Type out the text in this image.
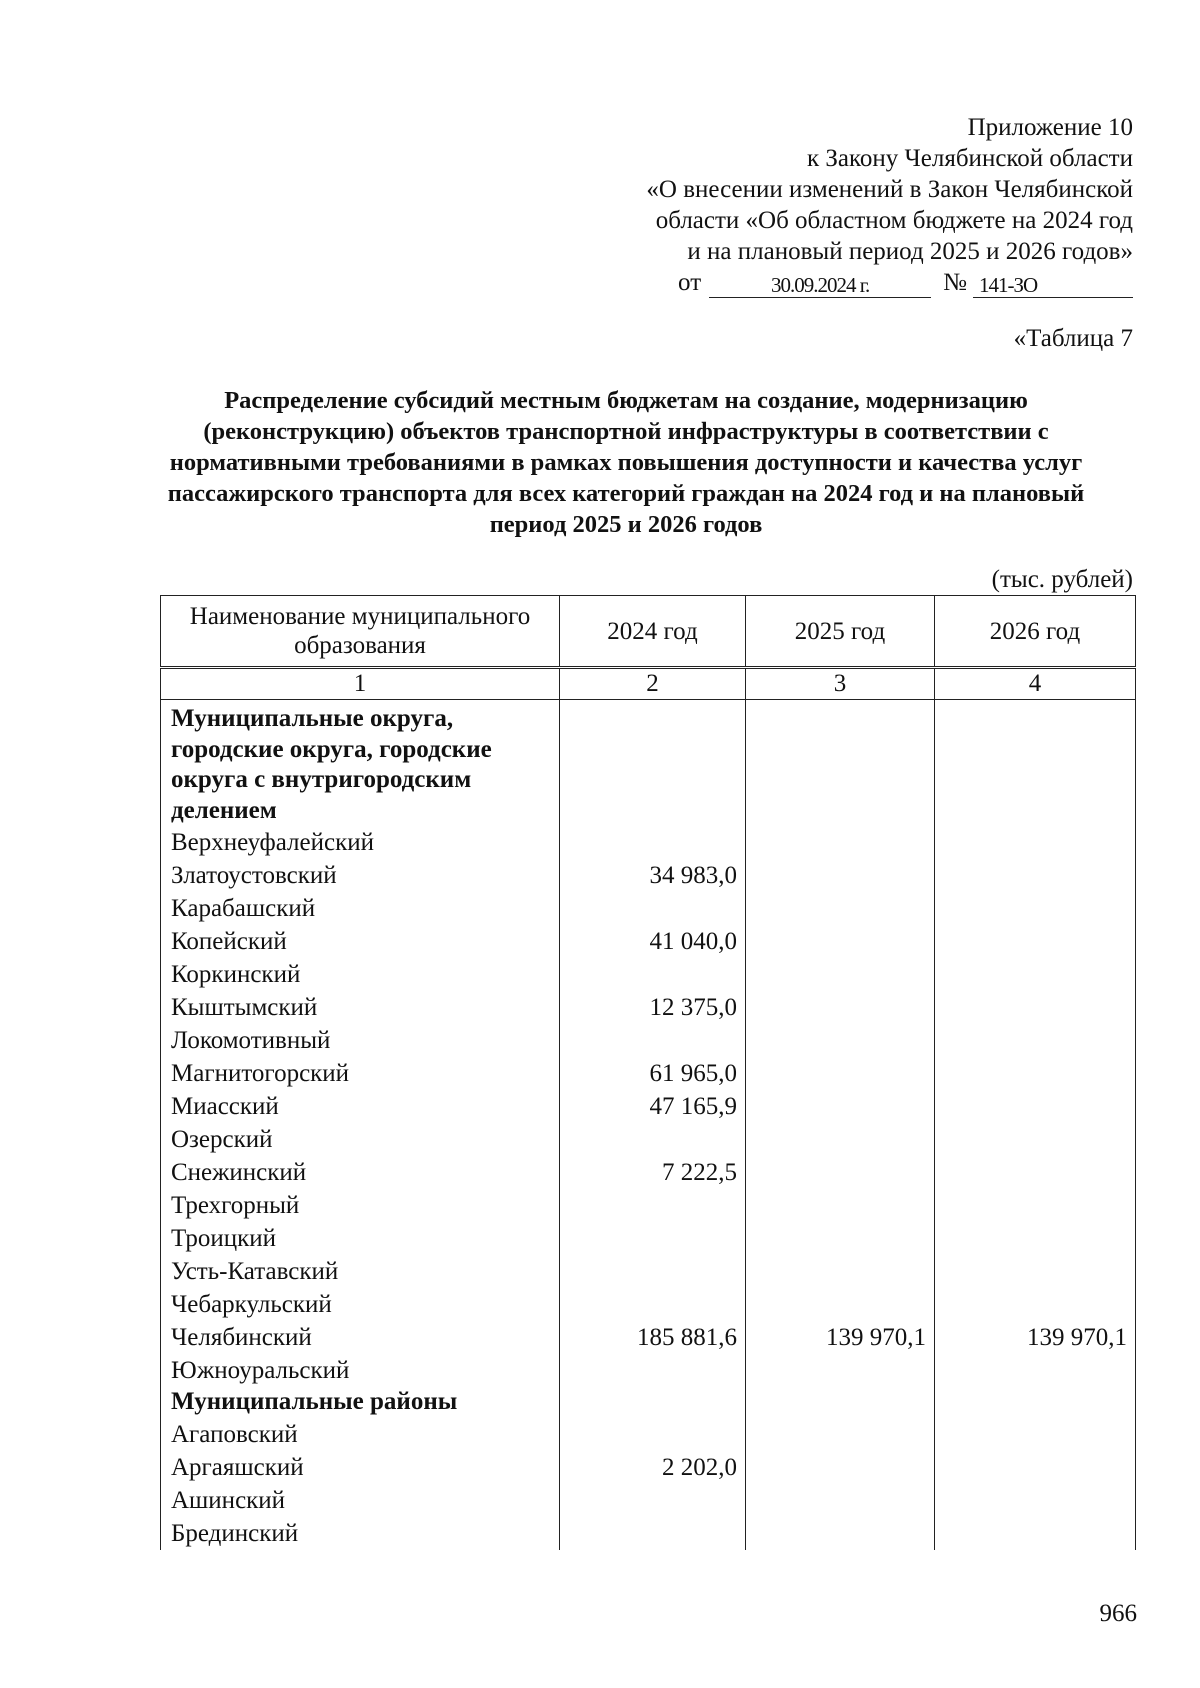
Приложение 10
к Закону Челябинской области
«О внесении изменений в Закон Челябинской
области «Об областном бюджете на 2024 год
и на плановый период 2025 и 2026 годов»
от	30.09.2024 г.	№ 141-ЗО
«Таблица 7
Распределение субсидий местным бюджетам на создание, модернизацию (реконструкцию) объектов транспортной инфраструктуры в соответствии с нормативными требованиями в рамках повышения доступности и качества услуг пассажирского транспорта для всех категорий граждан на 2024 год и на плановый период 2025 и 2026 годов
(тыс. рублей)
Наименование муниципального образования	2024 год	2025 год	2026 год
1	2	3	4
Муниципальные округа, городские округа, городские округа с внутригородским делением			
Верхнеуфалейский			
Златоустовский	34 983,0		
Карабашский			
Копейский	41 040,0		
Коркинский			
Кыштымский	12 375,0		
Локомотивный			
Магнитогорский	61 965,0		
Миасский	47 165,9		
Озерский			
Снежинский	7 222,5		
Трехгорный			
Троицкий			
Усть-Катавский			
Чебаркульский			
Челябинский	185 881,6	139 970,1	139 970,1
Южноуральский			
Муниципальные районы			
Агаповский			
Аргаяшский	2 202,0		
Ашинский			
Брединский			
966
